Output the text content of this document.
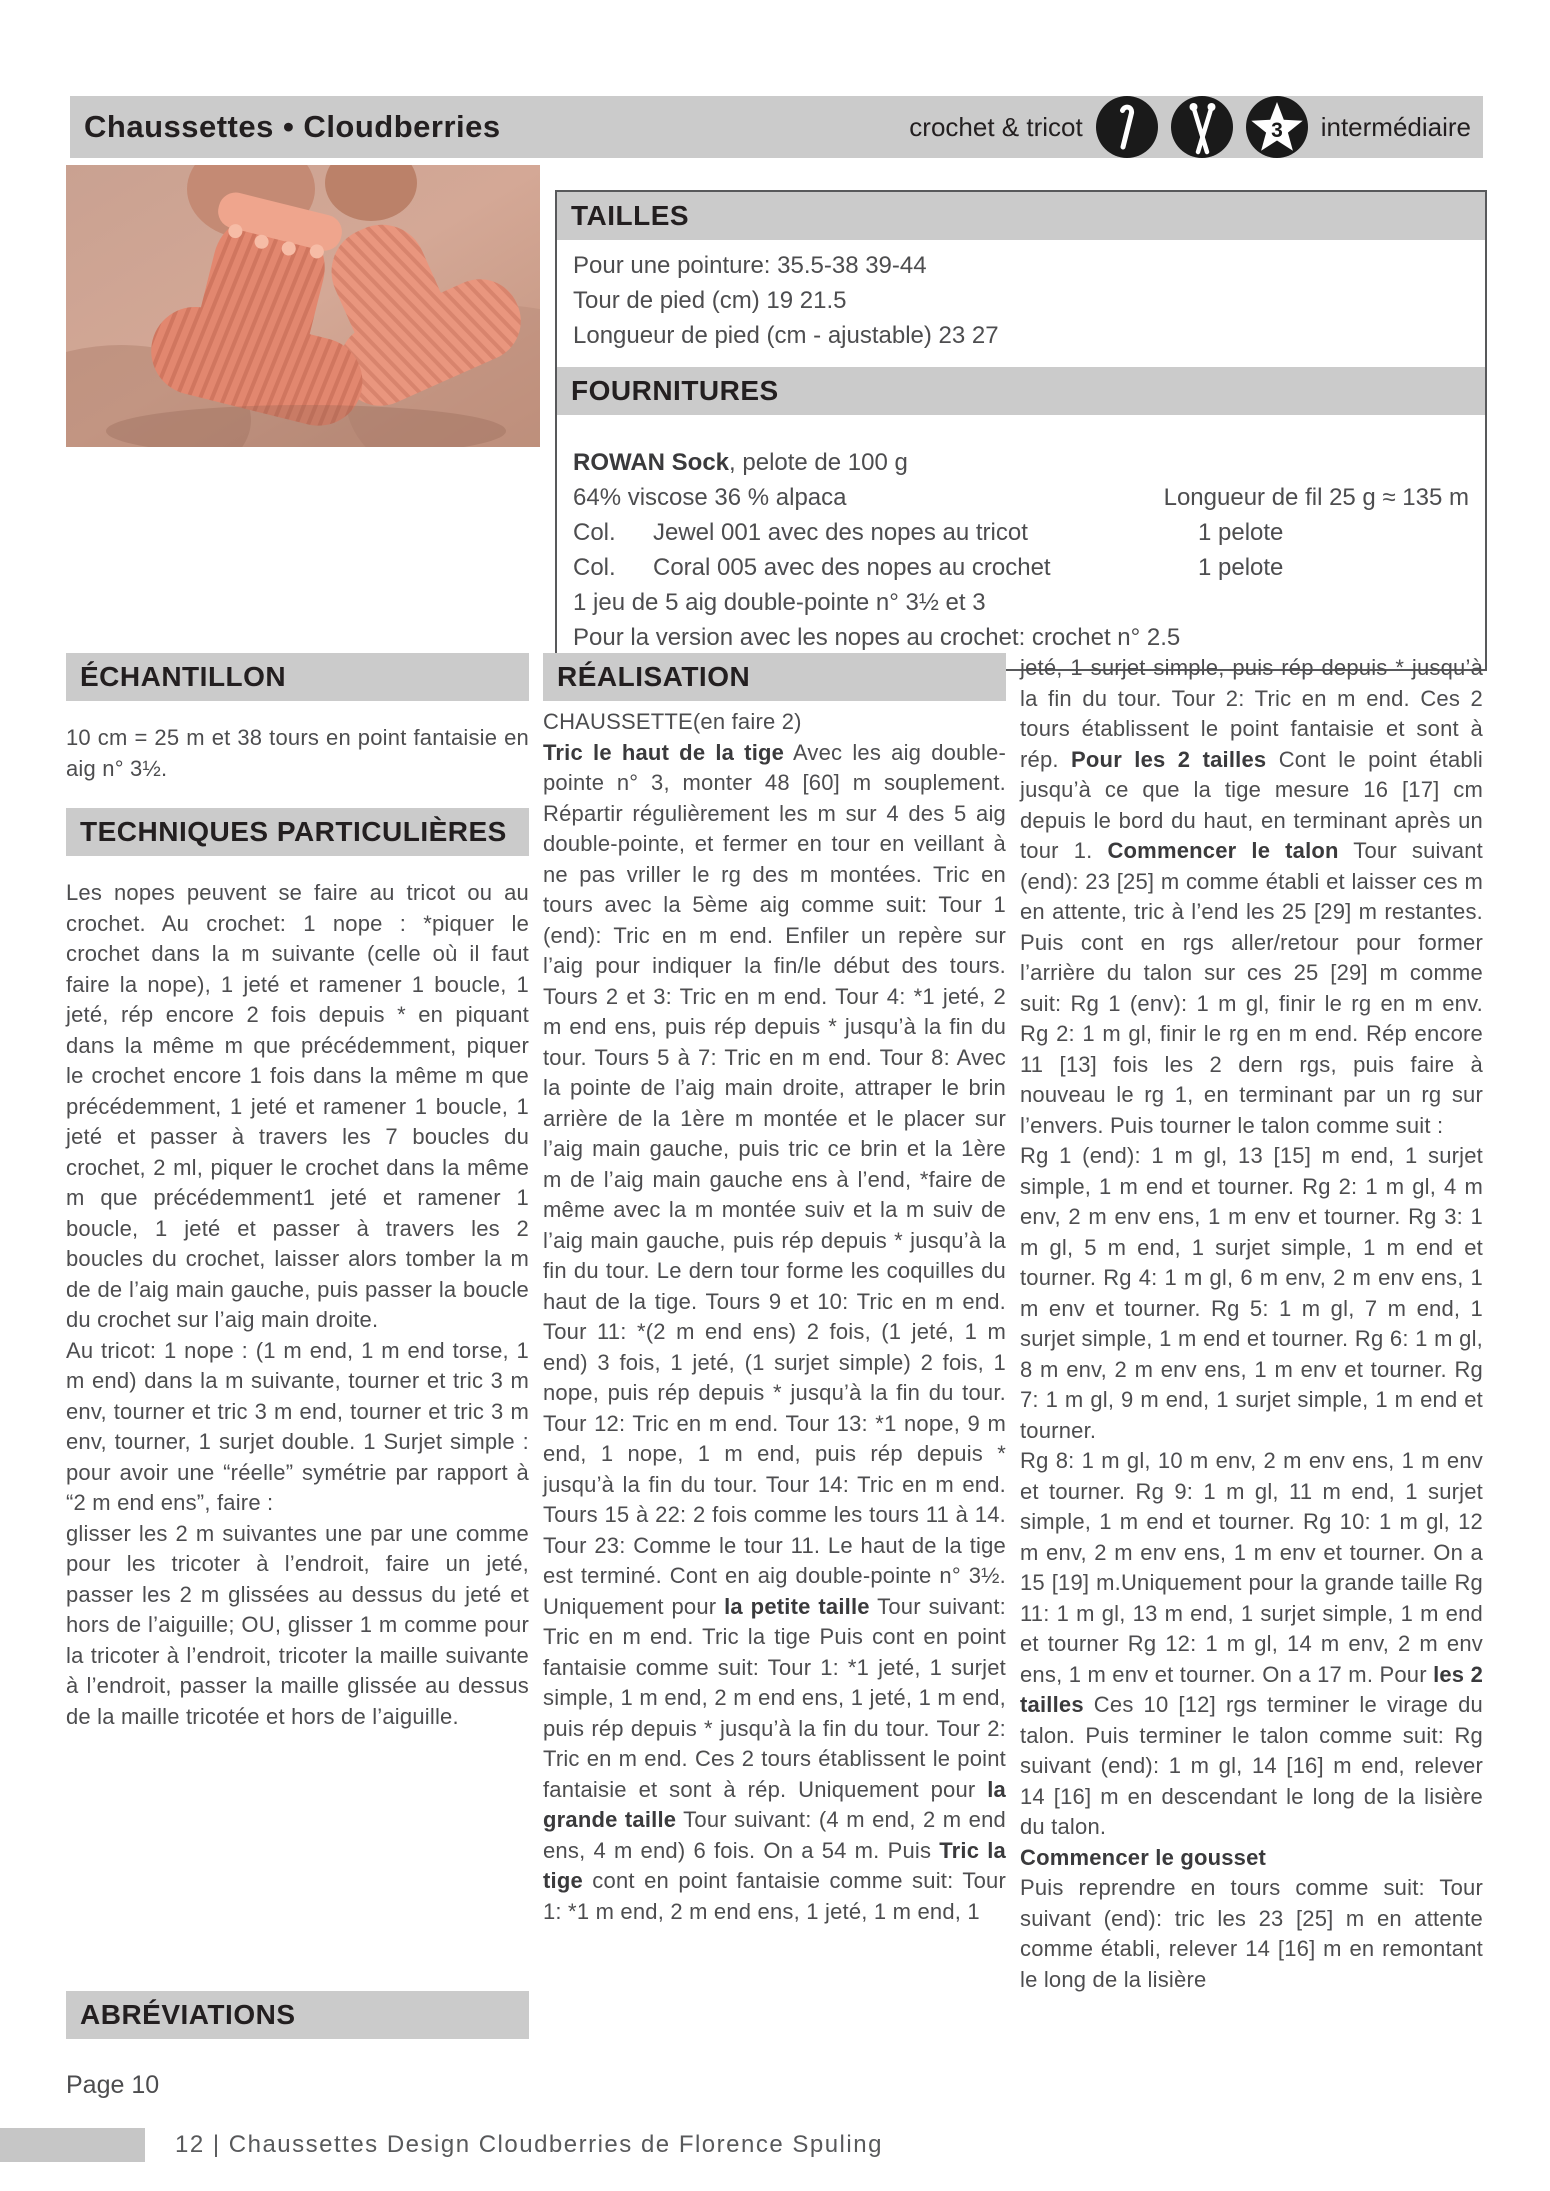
Chaussettes • Cloudberries	crochet & tricot	3 intermédiaire
TAILLES
Pour une pointure: 35.5-38 39-44
Tour de pied (cm) 19 21.5
Longueur de pied (cm - ajustable) 23 27
FOURNITURES
ROWAN Sock , pelote de 100 g
64% viscose 36 % alpaca	Longueur de fil 25 g ≈ 135 m
Col.	Jewel 001 avec des nopes au tricot	1 pelote
Col.	Coral 005 avec des nopes au crochet	1 pelote
1 jeu de 5 aig double-pointe n° 3½ et 3
Pour la version avec les nopes au crochet: crochet n° 2.5
ÉCHANTILLON

10 cm = 25 m et 38 tours en point fantaisie en aig n° 3½.

TECHNIQUES PARTICULIÈRES

Les nopes peuvent se faire au tricot ou au crochet. Au crochet: 1 nope : *piquer le crochet dans la m suivante (celle où il faut faire la nope), 1 jeté et ramener 1 boucle, 1 jeté, rép encore 2 fois depuis * en piquant dans la même m que précédemment, piquer le crochet encore 1 fois dans la même m que précédemment, 1 jeté et ramener 1 boucle, 1 jeté et passer à travers les 7 boucles du crochet, 2 ml, piquer le crochet dans la même m que précédemment1 jeté et ramener 1 boucle, 1 jeté et passer à travers les 2 boucles du crochet, laisser alors tomber la m de de l’aig main gauche, puis passer la boucle du crochet sur l’aig main droite.

Au tricot: 1 nope : (1 m end, 1 m end torse, 1 m end) dans la m suivante, tourner et tric 3 m env, tourner et tric 3 m end, tourner et tric 3 m env, tourner, 1 surjet double. 1 Surjet simple : pour avoir une “réelle” symétrie par rapport à “2 m end ens”, faire :

glisser les 2 m suivantes une par une comme pour les tricoter à l’endroit, faire un jeté, passer les 2 m glissées au dessus du jeté et hors de l’aiguille; OU, glisser 1 m comme pour la tricoter à l’endroit, tricoter la maille suivante à l’endroit, passer la maille glissée au dessus de la maille tricotée et hors de l’aiguille.

ABRÉVIATIONS
Page 10
RÉALISATION

CHAUSSETTE(en faire 2)

Tric le haut de la tige Avec les aig double-pointe n° 3, monter 48 [60] m souplement. Répartir régulièrement les m sur 4 des 5 aig double-pointe, et fermer en tour en veillant à ne pas vriller le rg des m montées. Tric en tours avec la 5ème aig comme suit: Tour 1 (end): Tric en m end. Enfiler un repère sur l’aig pour indiquer la fin/le début des tours. Tours 2 et 3: Tric en m end. Tour 4: *1 jeté, 2 m end ens, puis rép depuis * jusqu’à la fin du tour. Tours 5 à 7: Tric en m end. Tour 8: Avec la pointe de l’aig main droite, attraper le brin arrière de la 1ère m montée et le placer sur l’aig main gauche, puis tric ce brin et la 1ère m de l’aig main gauche ens à l’end, *faire de même avec la m montée suiv et la m suiv de l’aig main gauche, puis rép depuis * jusqu’à la fin du tour. Le dern tour forme les coquilles du haut de la tige. Tours 9 et 10: Tric en m end. Tour 11: *(2 m end ens) 2 fois, (1 jeté, 1 m end) 3 fois, 1 jeté, (1 surjet simple) 2 fois, 1 nope, puis rép depuis * jusqu’à la fin du tour. Tour 12: Tric en m end. Tour 13: *1 nope, 9 m end, 1 nope, 1 m end, puis rép depuis * jusqu’à la fin du tour. Tour 14: Tric en m end. Tours 15 à 22: 2 fois comme les tours 11 à 14. Tour 23: Comme le tour 11. Le haut de la tige est terminé. Cont en aig double-pointe n° 3½. Uniquement pour la petite taille Tour suivant: Tric en m end. Tric la tige Puis cont en point fantaisie comme suit: Tour 1: *1 jeté, 1 surjet simple, 1 m end, 2 m end ens, 1 jeté, 1 m end, puis rép depuis * jusqu’à la fin du tour. Tour 2: Tric en m end. Ces 2 tours établissent le point fantaisie et sont à rép. Uniquement pour la grande taille Tour suivant: (4 m end, 2 m end ens, 4 m end) 6 fois. On a 54 m. Puis Tric la tige cont en point fantaisie comme suit: Tour 1: *1 m end, 2 m end ens, 1 jeté, 1 m end, 1

jeté, 1 surjet simple, puis rép depuis * jusqu’à la fin du tour. Tour 2: Tric en m end. Ces 2 tours établissent le point fantaisie et sont à rép. Pour les 2 tailles Cont le point établi jusqu’à ce que la tige mesure 16 [17] cm depuis le bord du haut, en terminant après un tour 1. Commencer le talon Tour suivant (end): 23 [25] m comme établi et laisser ces m en attente, tric à l’end les 25 [29] m restantes. Puis cont en rgs aller/retour pour former l’arrière du talon sur ces 25 [29] m comme suit: Rg 1 (env): 1 m gl, finir le rg en m env. Rg 2: 1 m gl, finir le rg en m end. Rép encore 11 [13] fois les 2 dern rgs, puis faire à nouveau le rg 1, en terminant par un rg sur l’envers. Puis tourner le talon comme suit :

Rg 1 (end): 1 m gl, 13 [15] m end, 1 surjet simple, 1 m end et tourner. Rg 2: 1 m gl, 4 m env, 2 m env ens, 1 m env et tourner. Rg 3: 1 m gl, 5 m end, 1 surjet simple, 1 m end et tourner. Rg 4: 1 m gl, 6 m env, 2 m env ens, 1 m env et tourner. Rg 5: 1 m gl, 7 m end, 1 surjet simple, 1 m end et tourner. Rg 6: 1 m gl, 8 m env, 2 m env ens, 1 m env et tourner. Rg 7: 1 m gl, 9 m end, 1 surjet simple, 1 m end et tourner.

Rg 8: 1 m gl, 10 m env, 2 m env ens, 1 m env et tourner. Rg 9: 1 m gl, 11 m end, 1 surjet simple, 1 m end et tourner. Rg 10: 1 m gl, 12 m env, 2 m env ens, 1 m env et tourner. On a 15 [19] m.Uniquement pour la grande taille Rg 11: 1 m gl, 13 m end, 1 surjet simple, 1 m end et tourner Rg 12: 1 m gl, 14 m env, 2 m env ens, 1 m env et tourner. On a 17 m. Pour les 2 tailles Ces 10 [12] rgs terminer le virage du talon. Puis terminer le talon comme suit: Rg suivant (end): 1 m gl, 14 [16] m end, relever 14 [16] m en descendant le long de la lisière du talon.

Commencer le gousset

Puis reprendre en tours comme suit: Tour suivant (end): tric les 23 [25] m en attente comme établi, relever 14 [16] m en remontant le long de la lisière

12 | Chaussettes Design Cloudberries de Florence Spuling
